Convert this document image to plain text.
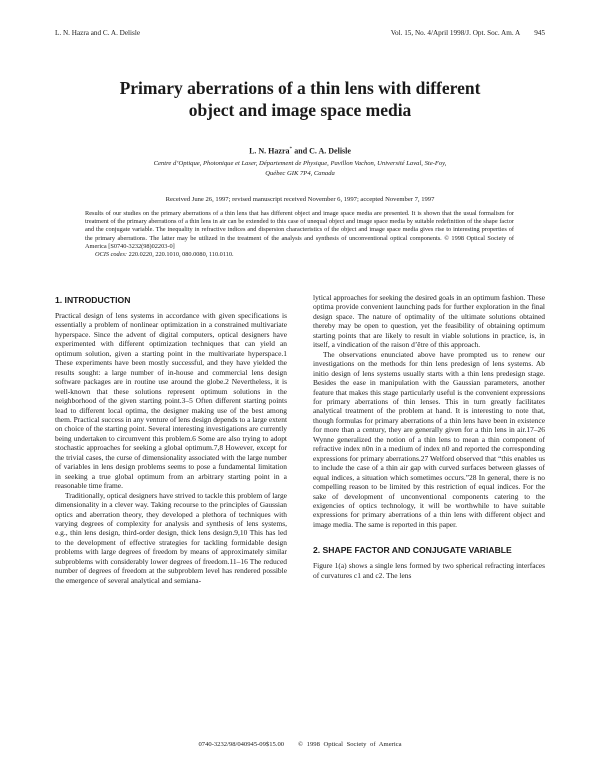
L. N. Hazra and C. A. Delisle	Vol. 15, No. 4/April 1998/J. Opt. Soc. Am. A 945
Primary aberrations of a thin lens with different
object and image space media
L. N. Hazra* and C. A. Delisle
Centre d’Optique, Photonique et Laser, Département de Physique, Pavillon Vachon, Université Laval, Ste-Foy,
Québec GIK 7P4, Canada
Received June 26, 1997; revised manuscript received November 6, 1997; accepted November 7, 1997
Results of our studies on the primary aberrations of a thin lens that has different object and image space media are presented. It is shown that the usual formalism for treatment of the primary aberrations of a thin lens in air can be extended to this case of unequal object and image space media by suitable redefinition of the shape factor and the conjugate variable. The inequality in refractive indices and dispersion characteristics of the object and image space media gives rise to interesting properties of the primary aberrations. The latter may be utilized in the treatment of the analysis and synthesis of unconventional optical components. © 1998 Optical Society of America [S0740-3232(98)02203-0]
OCIS codes: 220.0220, 220.1010, 080.0080, 110.0110.
1. INTRODUCTION

Practical design of lens systems in accordance with given specifications is essentially a problem of nonlinear optimization in a constrained multivariate hyperspace. Since the advent of digital computers, optical designers have experimented with different optimization techniques that can yield an optimum solution, given a starting point in the multivariate hyperspace.1 These experiments have been mostly successful, and they have yielded the results sought: a large number of in-house and commercial lens design software packages are in routine use around the globe.2 Nevertheless, it is well-known that these solutions represent optimum solutions in the neighborhood of the given starting point.3–5 Often different starting points lead to different local optima, the designer making use of the best among them. Practical success in any venture of lens design depends to a large extent on choice of the starting point. Several interesting investigations are currently being undertaken to circumvent this problem.6 Some are also trying to adopt stochastic approaches for seeking a global optimum.7,8 However, except for the trivial cases, the curse of dimensionality associated with the large number of variables in lens design problems seems to pose a fundamental limitation in seeking a true global optimum from an arbitrary starting point in a reasonable time frame.

Traditionally, optical designers have strived to tackle this problem of large dimensionality in a clever way. Taking recourse to the principles of Gaussian optics and aberration theory, they developed a plethora of techniques with varying degrees of complexity for analysis and synthesis of lens systems, e.g., thin lens design, third-order design, thick lens design.9,10 This has led to the development of effective strategies for tackling formidable design problems with large degrees of freedom by means of approximately similar subproblems with considerably lower degrees of freedom.11–16 The reduced number of degrees of freedom at the subproblem level has rendered possible the emergence of several analytical and semiana-

lytical approaches for seeking the desired goals in an optimum fashion. These optima provide convenient launching pads for further exploration in the final design space. The nature of optimality of the ultimate solutions obtained thereby may be open to question, yet the feasibility of obtaining optimum starting points that are likely to result in viable solutions in practice, is, in itself, a vindication of the raison d’être of this approach.

The observations enunciated above have prompted us to renew our investigations on the methods for thin lens predesign of lens systems. Ab initio design of lens systems usually starts with a thin lens predesign stage. Besides the ease in manipulation with the Gaussian parameters, another feature that makes this stage particularly useful is the convenient expressions for primary aberrations of thin lenses. This in turn greatly facilitates analytical treatment of the problem at hand. It is interesting to note that, though formulas for primary aberrations of a thin lens have been in existence for more than a century, they are generally given for a thin lens in air.17–26 Wynne generalized the notion of a thin lens to mean a thin component of refractive index n0n in a medium of index n0 and reported the corresponding expressions for primary aberrations.27 Welford observed that “this enables us to include the case of a thin air gap with curved surfaces between glasses of equal indices, a situation which sometimes occurs.”28 In general, there is no compelling reason to be limited by this restriction of equal indices. For the sake of development of unconventional components catering to the exigencies of optics technology, it will be worthwhile to have suitable expressions for primary aberrations of a thin lens with different object and image media. The same is reported in this paper.

2. SHAPE FACTOR AND CONJUGATE VARIABLE

Figure 1(a) shows a single lens formed by two spherical refracting interfaces of curvatures c1 and c2. The lens

0740-3232/98/040945-09$15.00 © 1998 Optical Society of America
